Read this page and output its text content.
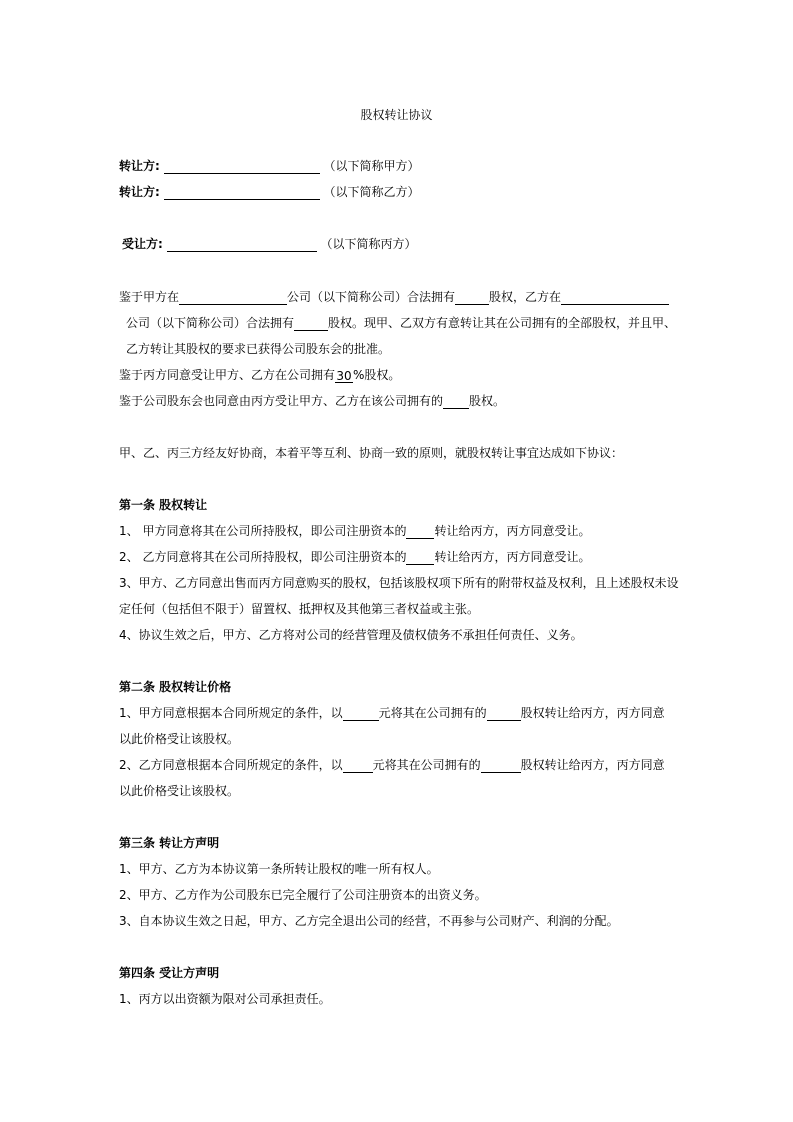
股权转让协议
转让方:	（以下简称甲方）
转让方:	（以下简称乙方）
受让方:	（以下简称丙方）
鉴于甲方在	公司（以下简称公司）合法拥有	股权，乙方在
公司（以下简称公司）合法拥有	股权。现甲、乙双方有意转让其在公司拥有的全部股权，并且甲、
乙方转让其股权的要求已获得公司股东会的批准。
鉴于丙方同意受让甲方、乙方在公司拥有30%股权。
鉴于公司股东会也同意由丙方受让甲方、乙方在该公司拥有的 股权。
甲、乙、丙三方经友好协商，本着平等互利、协商一致的原则，就股权转让事宜达成如下协议：
第一条 股权转让
1、 甲方同意将其在公司所持股权，即公司注册资本的 转让给丙方，丙方同意受让。
2、 乙方同意将其在公司所持股权，即公司注册资本的 转让给丙方，丙方同意受让。
3、甲方、乙方同意出售而丙方同意购买的股权，包括该股权项下所有的附带权益及权利，且上述股权未设
定任何（包括但不限于）留置权、抵押权及其他第三者权益或主张。
4、协议生效之后，甲方、乙方将对公司的经营管理及债权债务不承担任何责任、义务。
第二条 股权转让价格
1、甲方同意根据本合同所规定的条件，以	元将其在公司拥有的	股权转让给丙方，丙方同意
以此价格受让该股权。
2、乙方同意根据本合同所规定的条件，以	元将其在公司拥有的	股权转让给丙方，丙方同意
以此价格受让该股权。
第三条 转让方声明
1、甲方、乙方为本协议第一条所转让股权的唯一所有权人。
2、甲方、乙方作为公司股东已完全履行了公司注册资本的出资义务。
3、自本协议生效之日起，甲方、乙方完全退出公司的经营，不再参与公司财产、利润的分配。
第四条 受让方声明
1、丙方以出资额为限对公司承担责任。
